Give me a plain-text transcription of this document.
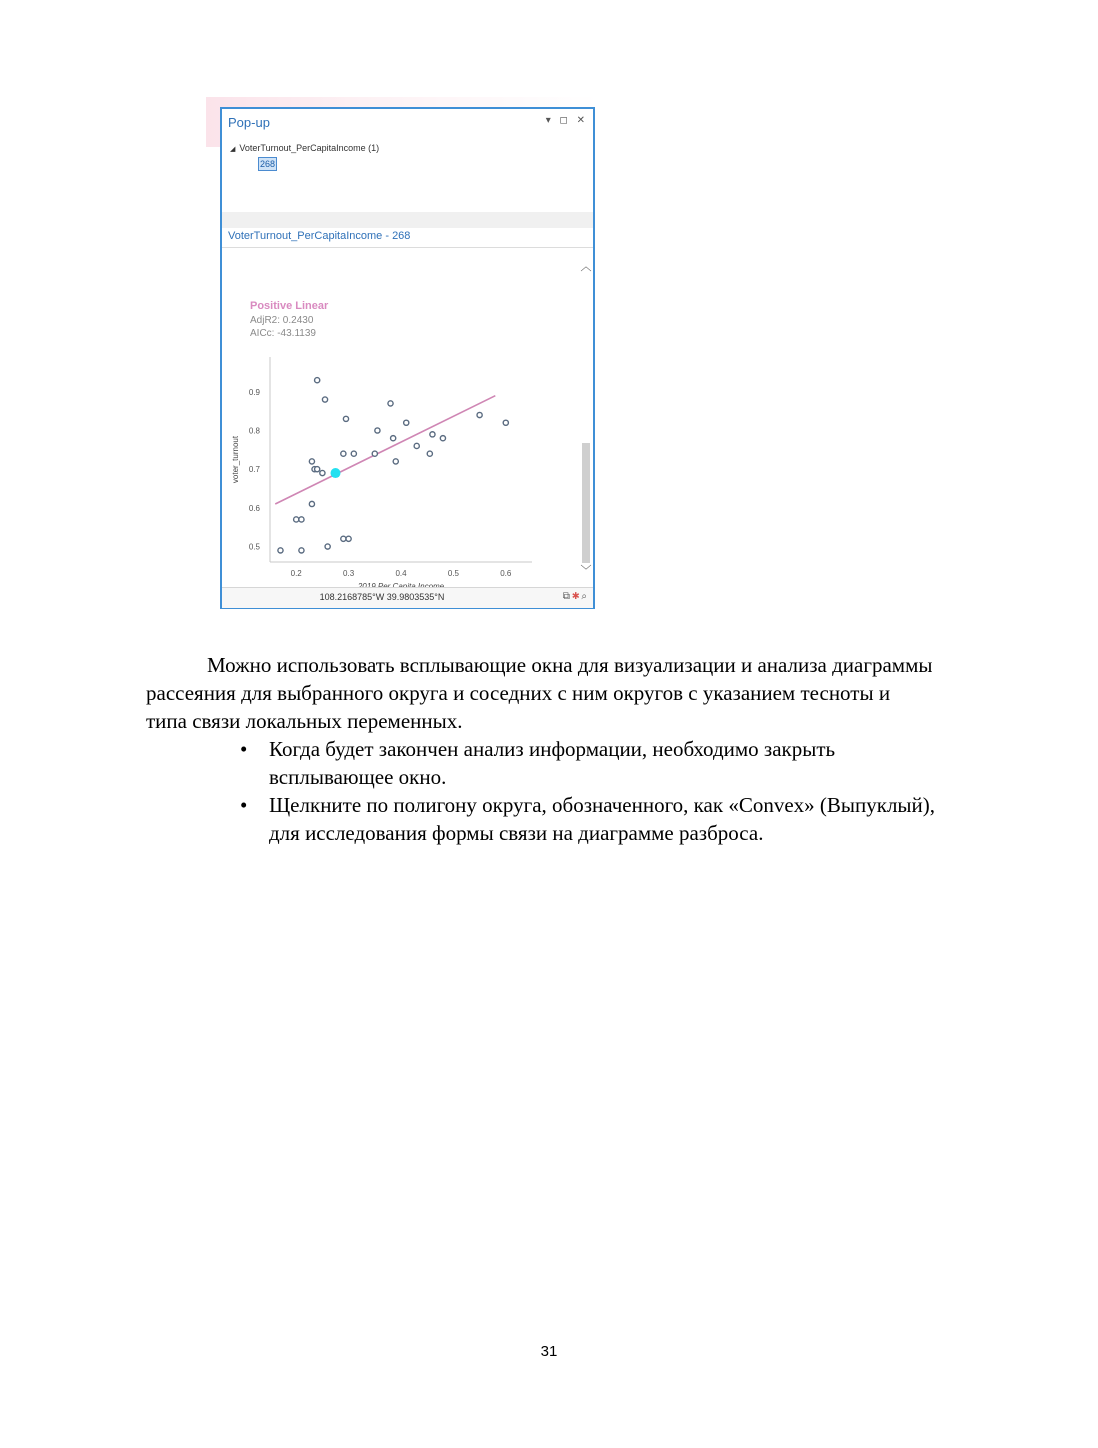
Pop-up	▾ ◻ ✕
◢ VoterTurnout_PerCapitaIncome (1)
268
VoterTurnout_PerCapitaIncome - 268
Positive Linear
AdjR2: 0.2430
AICc: -43.1139
0.2	0.3	0.4	0.5	0.6
0.5
0.6
0.7
0.8
0.9
voter_turnout
︿
﹀
108.2168785°W 39.9803535°N	⧉✱⌕

Можно использовать всплывающие окна для визуализации и анализа диаграммы рассеяния для выбранного округа и соседних с ним округов с указанием тесноты и типа связи локальных переменных.

• Когда будет закончен анализ информации, необходимо закрыть всплывающее окно.
• Щелкните по полигону округа, обозначенного, как «Convex» (Выпуклый), для исследования формы связи на диаграмме разброса.
31
